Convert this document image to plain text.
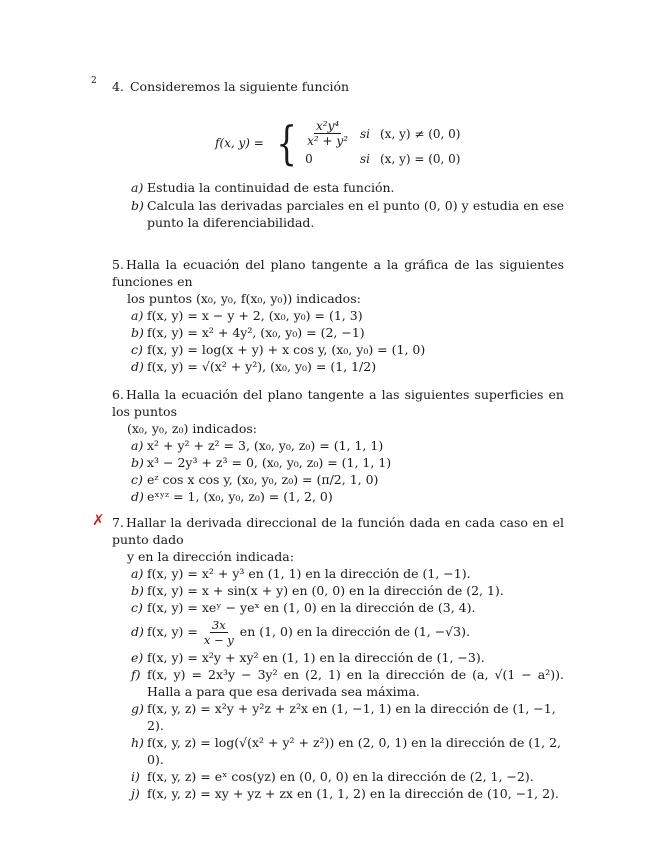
2 4. Consideremos la siguiente función
f(x, y) = { $\frac{\text{x²y⁴}}{\text{x² + y²}}$ si (x, y) ≠ (0, 0)
0	si (x, y) = (0, 0)
a) Estudia la continuidad de esta función.
b) Calcula las derivadas parciales en el punto (0, 0) y estudia en ese punto la diferenciabilidad.
5. Halla la ecuación del plano tangente a la gráfica de las siguientes funciones en
los puntos (x₀, y₀, f(x₀, y₀)) indicados:
a) f(x, y) = x − y + 2, (x₀, y₀) = (1, 3)
b) f(x, y) = x² + 4y², (x₀, y₀) = (2, −1)
c) f(x, y) = log(x + y) + x cos y, (x₀, y₀) = (1, 0)
d) f(x, y) = √(x² + y²), (x₀, y₀) = (1, 1/2)
6. Halla la ecuación del plano tangente a las siguientes superficies en los puntos
(x₀, y₀, z₀) indicados:
a) x² + y² + z² = 3, (x₀, y₀, z₀) = (1, 1, 1)
b) x³ − 2y³ + z³ = 0, (x₀, y₀, z₀) = (1, 1, 1)
c) eᶻ cos x cos y, (x₀, y₀, z₀) = (π/2, 1, 0)
d) eˣʸᶻ = 1, (x₀, y₀, z₀) = (1, 2, 0)
✗ 7. Hallar la derivada direccional de la función dada en cada caso en el punto dado
y en la dirección indicada:
a) f(x, y) = x² + y³ en (1, 1) en la dirección de (1, −1).
b) f(x, y) = x + sin(x + y) en (0, 0) en la dirección de (2, 1).
c) f(x, y) = xeʸ − yeˣ en (1, 0) en la dirección de (3, 4).
d) f(x, $y) = \frac{3x}{x - y}$ en (1, 0) en la dirección de (1, −√3).
e) f(x, y) = x²y + xy² en (1, 1) en la dirección de (1, −3).
f) f(x, y) = 2x³y − 3y² en (2, 1) en la dirección de (a, √(1 − a²)). Halla a para que esa derivada sea máxima.
g) f(x, y, z) = x²y + y²z + z²x en (1, −1, 1) en la dirección de (1, −1, 2).
h) f(x, y, z) = log(√(x² + y² + z²)) en (2, 0, 1) en la dirección de (1, 2, 0).
i) f(x, y, z) = eˣ cos(yz) en (0, 0, 0) en la dirección de (2, 1, −2).
j) f(x, y, z) = xy + yz + zx en (1, 1, 2) en la dirección de (10, −1, 2).
